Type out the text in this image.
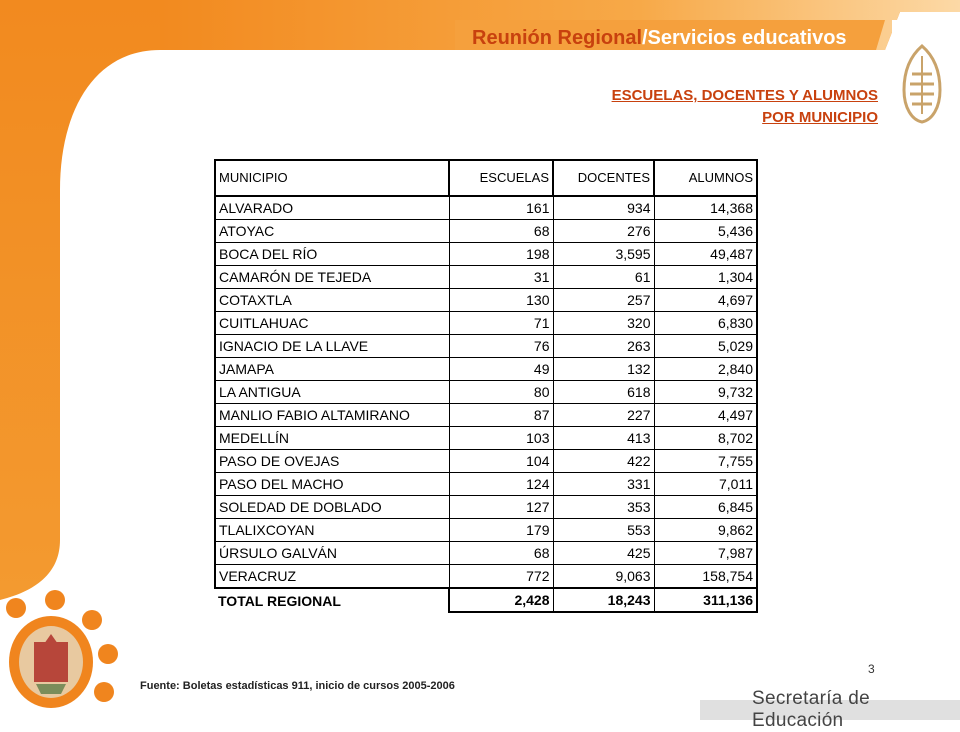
Reunión Regional/Servicios educativos
ESCUELAS, DOCENTES Y ALUMNOS
POR MUNICIPIO
MUNICIPIO	ESCUELAS	DOCENTES	ALUMNOS
ALVARADO	161	934	14,368
ATOYAC	68	276	5,436
BOCA DEL RÍO	198	3,595	49,487
CAMARÓN DE TEJEDA	31	61	1,304
COTAXTLA	130	257	4,697
CUITLAHUAC	71	320	6,830
IGNACIO DE LA LLAVE	76	263	5,029
JAMAPA	49	132	2,840
LA ANTIGUA	80	618	9,732
MANLIO FABIO ALTAMIRANO	87	227	4,497
MEDELLÍN	103	413	8,702
PASO DE OVEJAS	104	422	7,755
PASO DEL MACHO	124	331	7,011
SOLEDAD DE DOBLADO	127	353	6,845
TLALIXCOYAN	179	553	9,862
ÚRSULO GALVÁN	68	425	7,987
VERACRUZ	772	9,063	158,754
TOTAL REGIONAL	2,428	18,243	311,136
3
Fuente: Boletas estadísticas 911, inicio de cursos 2005-2006
Secretaría de Educación
